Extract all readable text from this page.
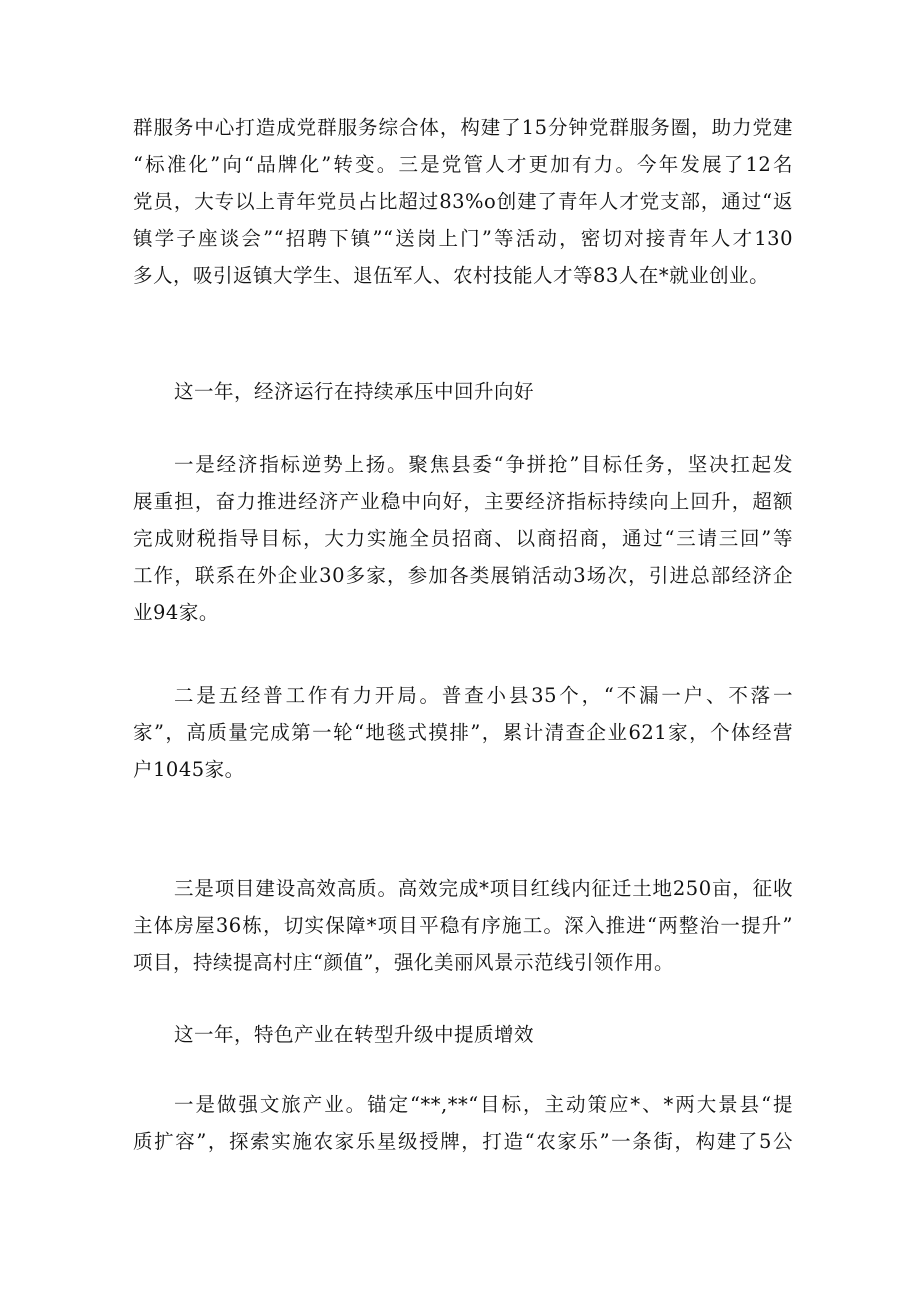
群服务中心打造成党群服务综合体，构建了15分钟党群服务圈，助力党建
“标准化”向“品牌化”转变。三是党管人才更加有力。今年发展了12名
党员，大专以上青年党员占比超过83%o创建了青年人才党支部，通过“返
镇学子座谈会”“招聘下镇”“送岗上门”等活动，密切对接青年人才130
多人，吸引返镇大学生、退伍军人、农村技能人才等83人在*就业创业。
这一年，经济运行在持续承压中回升向好
一是经济指标逆势上扬。聚焦县委“争拼抢”目标任务，坚决扛起发
展重担，奋力推进经济产业稳中向好，主要经济指标持续向上回升，超额
完成财税指导目标，大力实施全员招商、以商招商，通过“三请三回”等
工作，联系在外企业30多家，参加各类展销活动3场次，引进总部经济企
业94家。
二是五经普工作有力开局。普查小县35个，“不漏一户、不落一
家”，高质量完成第一轮“地毯式摸排”，累计清查企业621家，个体经营
户1045家。
三是项目建设高效高质。高效完成*项目红线内征迁土地250亩，征收
主体房屋36栋，切实保障*项目平稳有序施工。深入推进“两整治一提升”
项目，持续提高村庄“颜值”，强化美丽风景示范线引领作用。
这一年，特色产业在转型升级中提质增效
一是做强文旅产业。锚定“**,**“目标，主动策应*、*两大景县“提
质扩容”，探索实施农家乐星级授牌，打造“农家乐”一条街，构建了5公
